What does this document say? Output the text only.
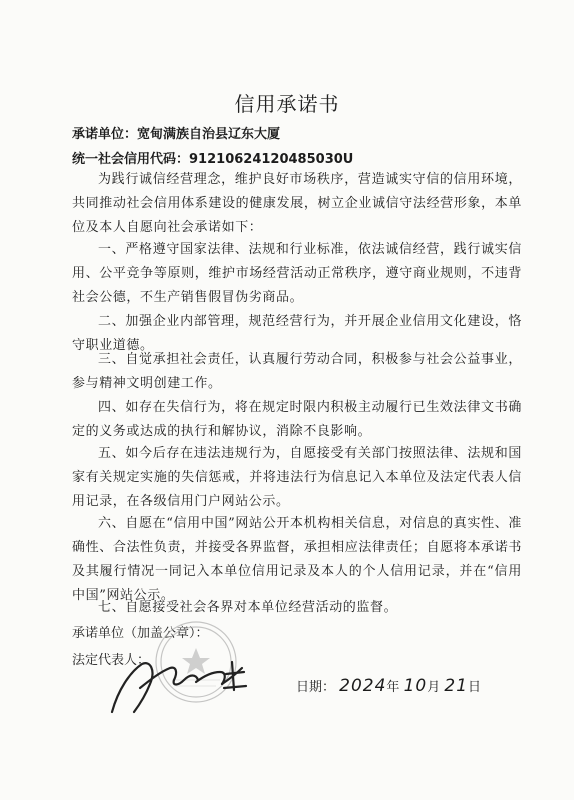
信用承诺书
承诺单位：宽甸满族自治县辽东大厦
统一社会信用代码：91210624120485030U
为践行诚信经营理念，维护良好市场秩序，营造诚实守信的信用环境，共同推动社会信用体系建设的健康发展，树立企业诚信守法经营形象，本单位及本人自愿向社会承诺如下：
一、严格遵守国家法律、法规和行业标准，依法诚信经营，践行诚实信用、公平竞争等原则，维护市场经营活动正常秩序，遵守商业规则，不违背社会公德，不生产销售假冒伪劣商品。
二、加强企业内部管理，规范经营行为，并开展企业信用文化建设，恪守职业道德。
三、自觉承担社会责任，认真履行劳动合同，积极参与社会公益事业，参与精神文明创建工作。
四、如存在失信行为，将在规定时限内积极主动履行已生效法律文书确定的义务或达成的执行和解协议，消除不良影响。
五、如今后存在违法违规行为，自愿接受有关部门按照法律、法规和国家有关规定实施的失信惩戒，并将违法行为信息记入本单位及法定代表人信用记录，在各级信用门户网站公示。
六、自愿在“信用中国”网站公开本机构相关信息，对信息的真实性、准确性、合法性负责，并接受各界监督，承担相应法律责任；自愿将本承诺书及其履行情况一同记入本单位信用记录及本人的个人信用记录，并在“信用中国”网站公示。
七、自愿接受社会各界对本单位经营活动的监督。
承诺单位（加盖公章）：
法定代表人：
日期： 2024年 10月 21日
